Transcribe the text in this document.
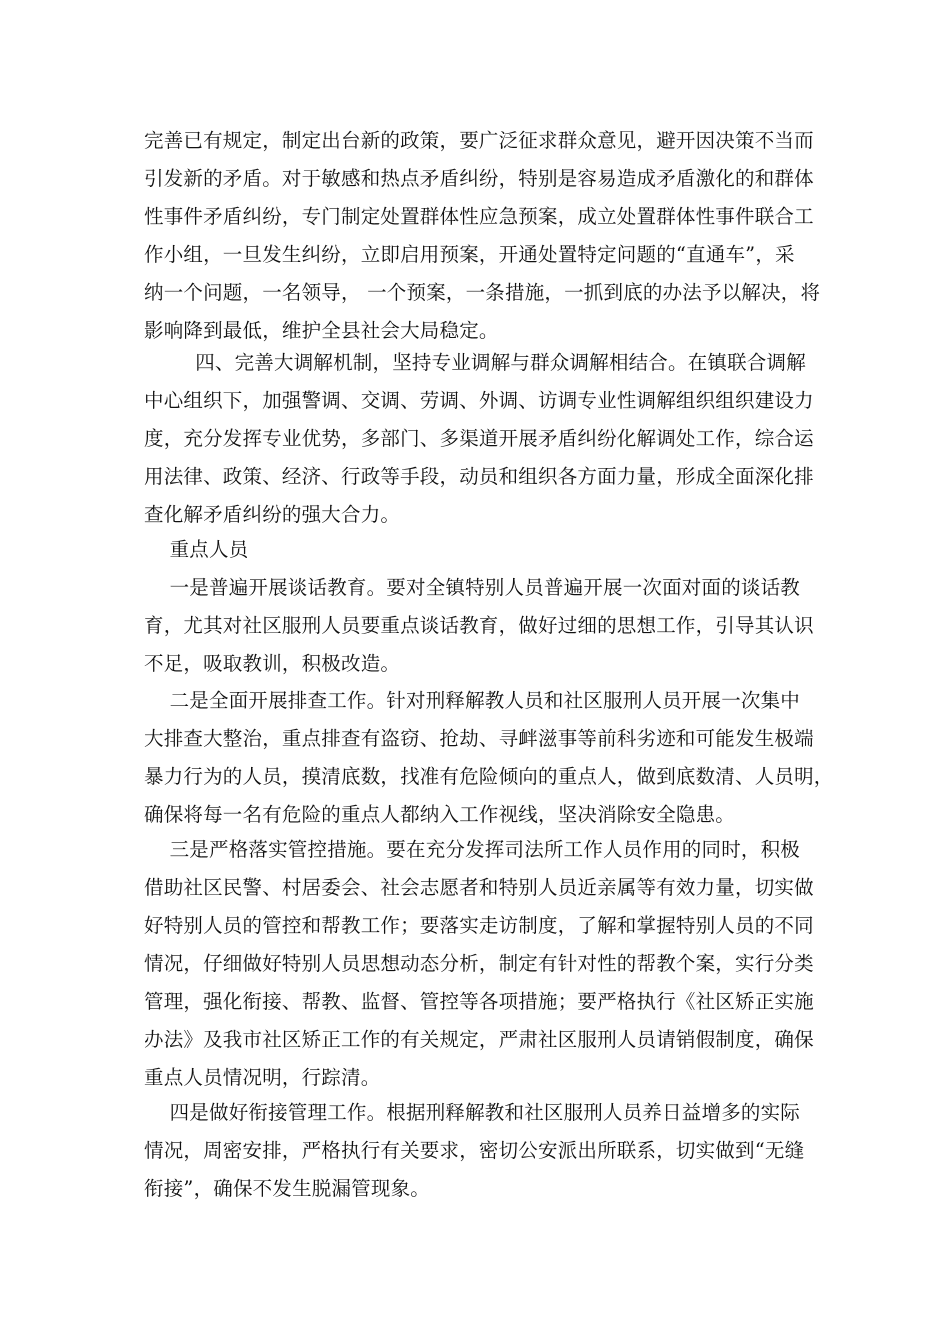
完善已有规定，制定出台新的政策，要广泛征求群众意见，避开因决策不当而
引发新的矛盾。对于敏感和热点矛盾纠纷，特别是容易造成矛盾激化的和群体
性事件矛盾纠纷，专门制定处置群体性应急预案，成立处置群体性事件联合工
作小组，一旦发生纠纷，立即启用预案，开通处置特定问题的“直通车”，采
纳一个问题，一名领导， 一个预案，一条措施，一抓到底的办法予以解决，将
影响降到最低，维护全县社会大局稳定。
四、完善大调解机制，坚持专业调解与群众调解相结合。在镇联合调解
中心组织下，加强警调、交调、劳调、外调、访调专业性调解组织组织建设力
度，充分发挥专业优势，多部门、多渠道开展矛盾纠纷化解调处工作，综合运
用法律、政策、经济、行政等手段，动员和组织各方面力量，形成全面深化排
查化解矛盾纠纷的强大合力。
重点人员
一是普遍开展谈话教育。要对全镇特别人员普遍开展一次面对面的谈话教
育，尤其对社区服刑人员要重点谈话教育，做好过细的思想工作，引导其认识
不足，吸取教训，积极改造。
二是全面开展排查工作。针对刑释解教人员和社区服刑人员开展一次集中
大排查大整治，重点排查有盗窃、抢劫、寻衅滋事等前科劣迹和可能发生极端
暴力行为的人员，摸清底数，找准有危险倾向的重点人，做到底数清、人员明，
确保将每一名有危险的重点人都纳入工作视线，坚决消除安全隐患。
三是严格落实管控措施。要在充分发挥司法所工作人员作用的同时，积极
借助社区民警、村居委会、社会志愿者和特别人员近亲属等有效力量，切实做
好特别人员的管控和帮教工作；要落实走访制度，了解和掌握特别人员的不同
情况，仔细做好特别人员思想动态分析，制定有针对性的帮教个案，实行分类
管理，强化衔接、帮教、监督、管控等各项措施；要严格执行《社区矫正实施
办法》及我市社区矫正工作的有关规定，严肃社区服刑人员请销假制度，确保
重点人员情况明，行踪清。
四是做好衔接管理工作。根据刑释解教和社区服刑人员养日益增多的实际
情况，周密安排，严格执行有关要求，密切公安派出所联系，切实做到“无缝
衔接”，确保不发生脱漏管现象。
